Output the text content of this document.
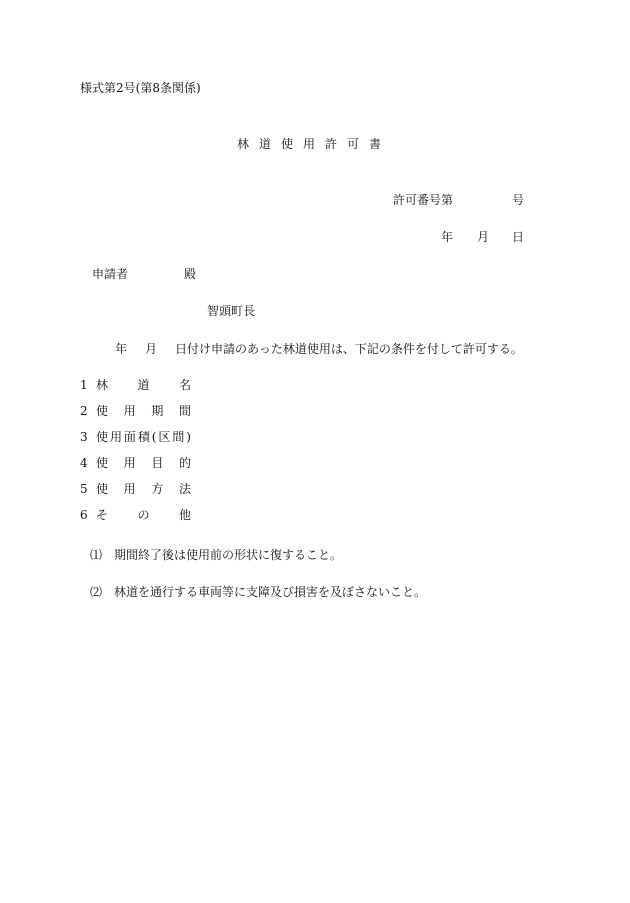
様式第2号(第8条関係)
林道使用許可書
許可番号第	号
年 月 日
申請者	殿
智頭町長
年 月 日付け申請のあった林道使用は、下記の条件を付して許可する。
1 林道名
2 使用期間
3 使用面積(区間)
4 使用目的
5 使用方法
6 その他
⑴ 期間終了後は使用前の形状に復すること。
⑵ 林道を通行する車両等に支障及び損害を及ぼさないこと。
